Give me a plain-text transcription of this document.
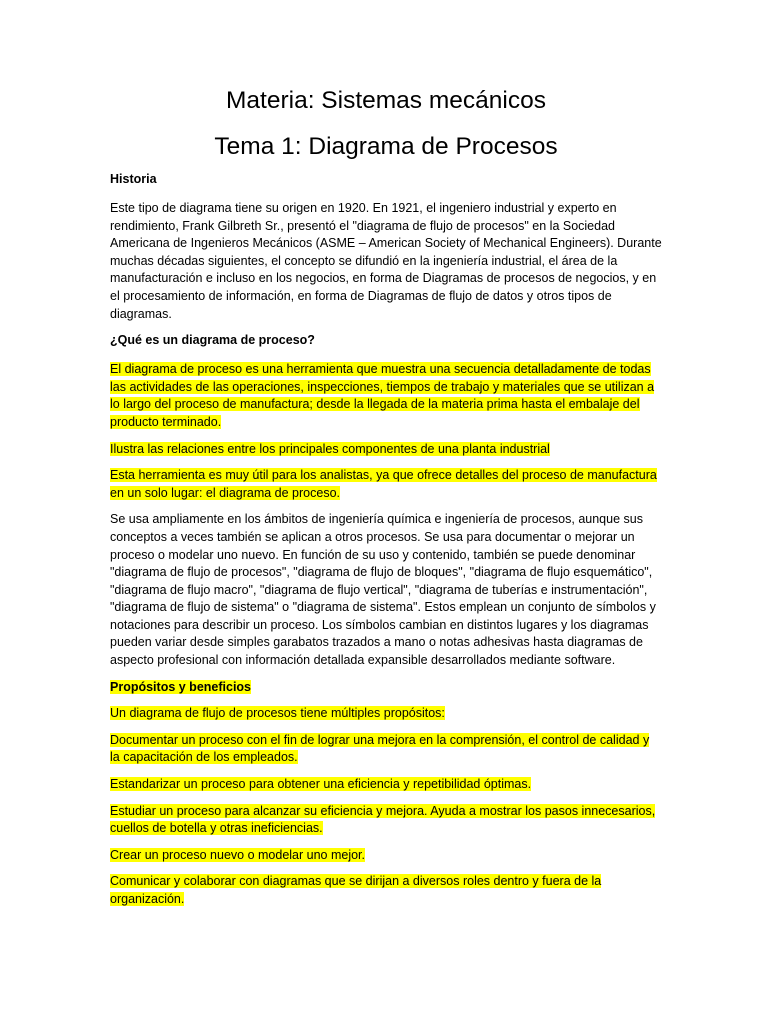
Materia: Sistemas mecánicos
Tema 1: Diagrama de Procesos
Historia

Este tipo de diagrama tiene su origen en 1920. En 1921, el ingeniero industrial y experto en rendimiento, Frank Gilbreth Sr., presentó el "diagrama de flujo de procesos" en la Sociedad Americana de Ingenieros Mecánicos (ASME – American Society of Mechanical Engineers). Durante muchas décadas siguientes, el concepto se difundió en la ingeniería industrial, el área de la manufacturación e incluso en los negocios, en forma de Diagramas de procesos de negocios, y en el procesamiento de información, en forma de Diagramas de flujo de datos y otros tipos de diagramas.

¿Qué es un diagrama de proceso?

El diagrama de proceso es una herramienta que muestra una secuencia detalladamente de todas las actividades de las operaciones, inspecciones, tiempos de trabajo y materiales que se utilizan a lo largo del proceso de manufactura; desde la llegada de la materia prima hasta el embalaje del producto terminado.

Ilustra las relaciones entre los principales componentes de una planta industrial

Esta herramienta es muy útil para los analistas, ya que ofrece detalles del proceso de manufactura en un solo lugar: el diagrama de proceso.

Se usa ampliamente en los ámbitos de ingeniería química e ingeniería de procesos, aunque sus conceptos a veces también se aplican a otros procesos. Se usa para documentar o mejorar un proceso o modelar uno nuevo. En función de su uso y contenido, también se puede denominar "diagrama de flujo de procesos", "diagrama de flujo de bloques", "diagrama de flujo esquemático", "diagrama de flujo macro", "diagrama de flujo vertical", "diagrama de tuberías e instrumentación", "diagrama de flujo de sistema" o "diagrama de sistema". Estos emplean un conjunto de símbolos y notaciones para describir un proceso. Los símbolos cambian en distintos lugares y los diagramas pueden variar desde simples garabatos trazados a mano o notas adhesivas hasta diagramas de aspecto profesional con información detallada expansible desarrollados mediante software.

Propósitos y beneficios

Un diagrama de flujo de procesos tiene múltiples propósitos:

Documentar un proceso con el fin de lograr una mejora en la comprensión, el control de calidad y la capacitación de los empleados.

Estandarizar un proceso para obtener una eficiencia y repetibilidad óptimas.

Estudiar un proceso para alcanzar su eficiencia y mejora. Ayuda a mostrar los pasos innecesarios, cuellos de botella y otras ineficiencias.

Crear un proceso nuevo o modelar uno mejor.

Comunicar y colaborar con diagramas que se dirijan a diversos roles dentro y fuera de la organización.
